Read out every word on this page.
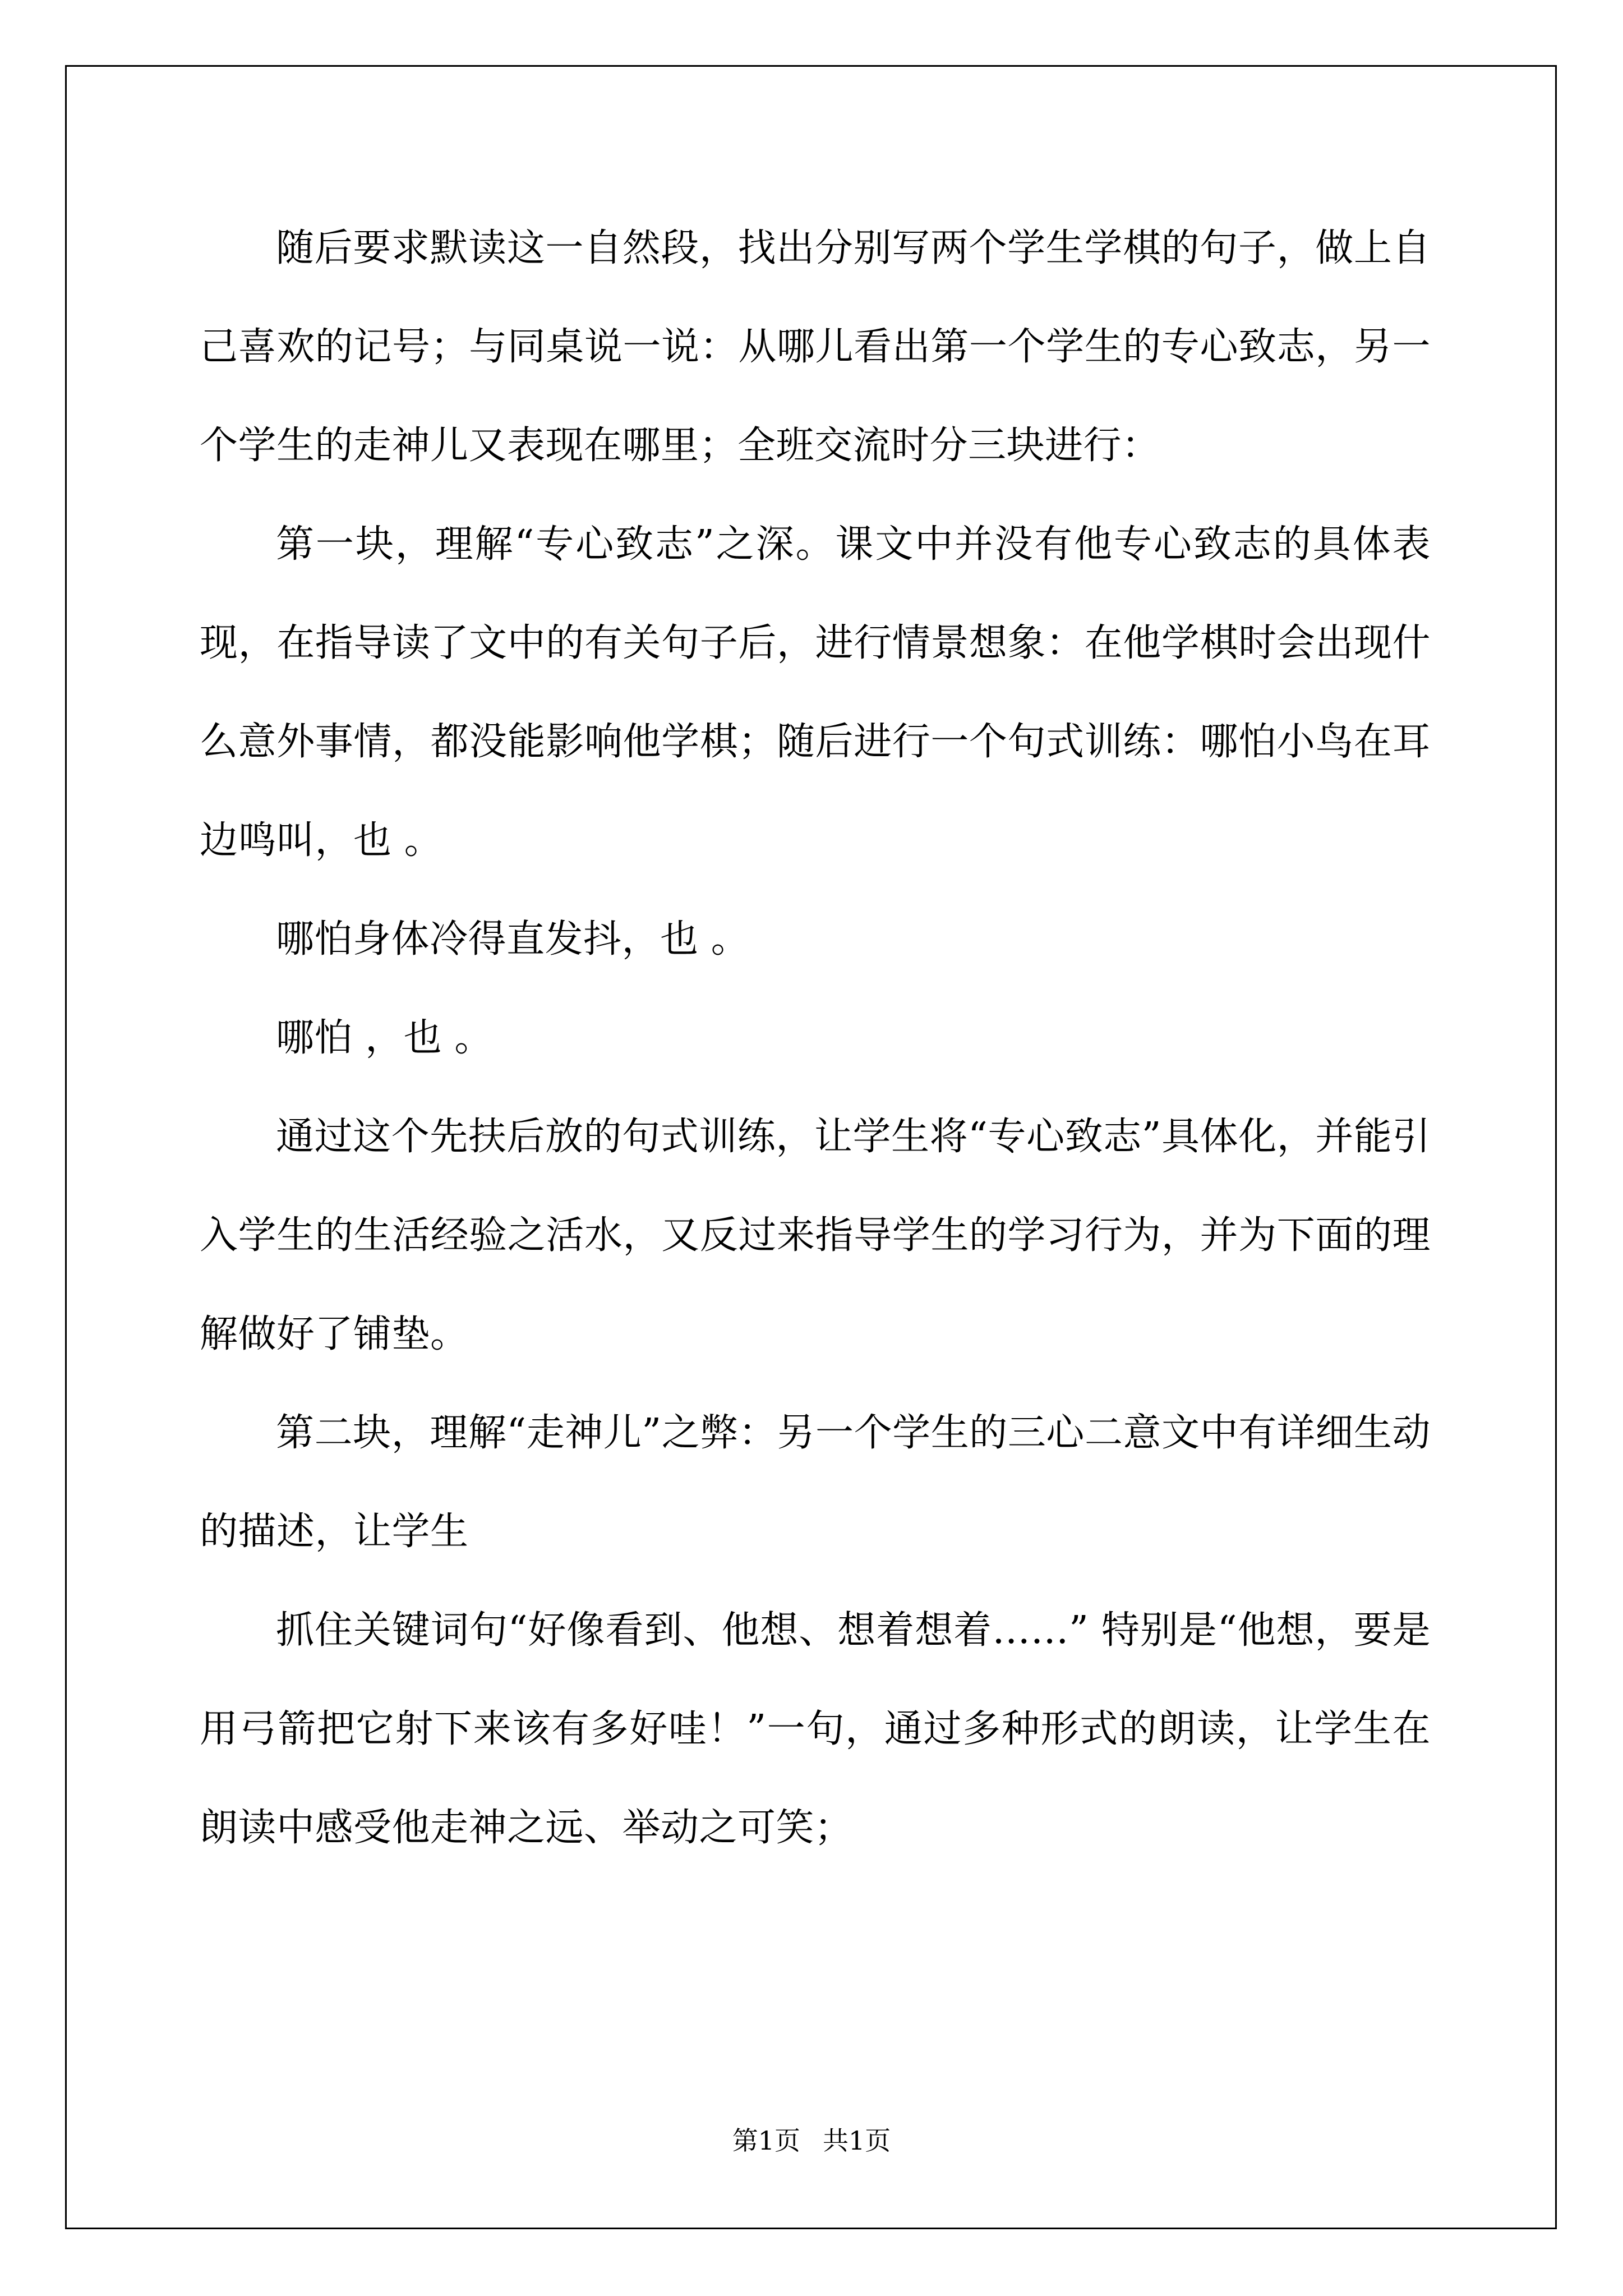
随后要求默读这一自然段，找出分别写两个学生学棋的句子，做上自己喜欢的记号；与同桌说一说：从哪儿看出第一个学生的专心致志，另一个学生的走神儿又表现在哪里；全班交流时分三块进行：

第一块，理解“专心致志”之深。课文中并没有他专心致志的具体表现，在指导读了文中的有关句子后，进行情景想象：在他学棋时会出现什么意外事情，都没能影响他学棋；随后进行一个句式训练：哪怕小鸟在耳边鸣叫，也 。

哪怕身体冷得直发抖，也 。

哪怕 ，也 。

通过这个先扶后放的句式训练，让学生将“专心致志”具体化，并能引入学生的生活经验之活水，又反过来指导学生的学习行为，并为下面的理解做好了铺垫。

第二块，理解“走神儿”之弊：另一个学生的三心二意文中有详细生动的描述，让学生

抓住关键词句“好像看到、他想、想着想着……” 特别是“他想，要是用弓箭把它射下来该有多好哇！”一句，通过多种形式的朗读，让学生在朗读中感受他走神之远、举动之可笑；

第1页 共1页
